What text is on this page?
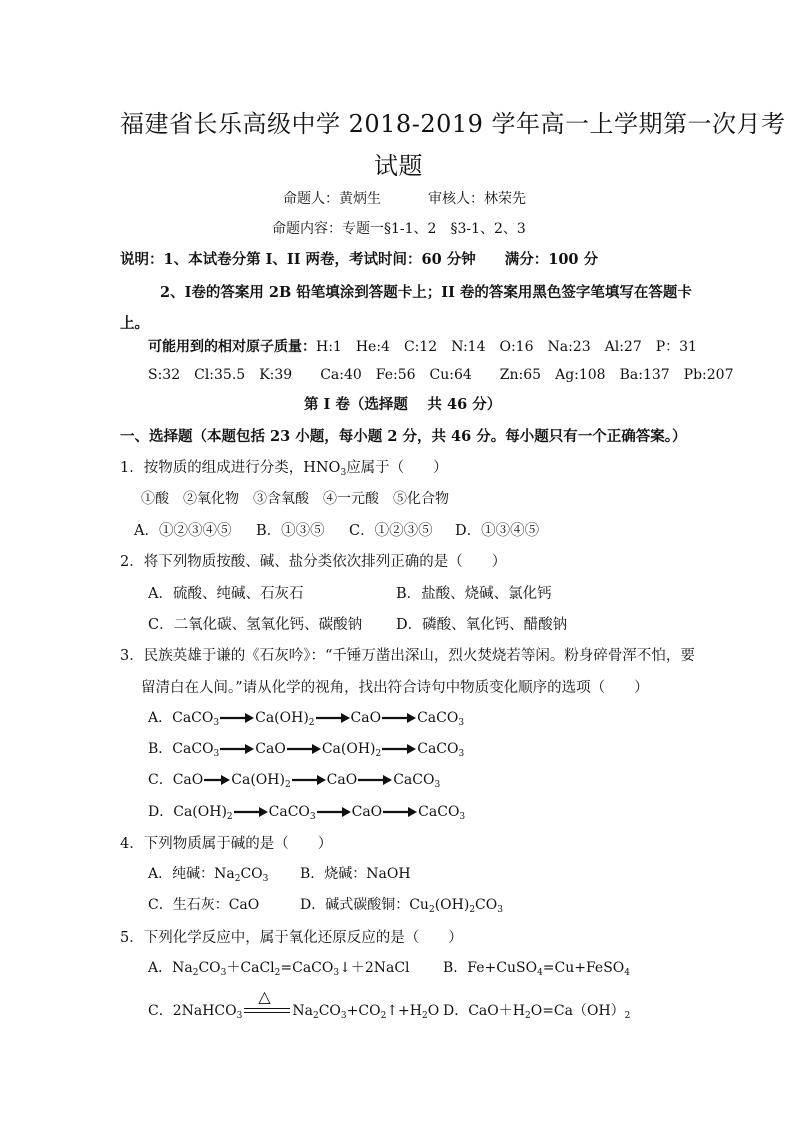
福建省长乐高级中学 2018-2019 学年高一上学期第一次月考
试题
命题人：黄炳生	审核人：林荣先
命题内容：专题一§1-1、2　§3-1、2、3
说明：1、本试卷分第 I、II 两卷，考试时间：60 分钟　　满分：100 分
2、Ⅰ卷的答案用 2B 铅笔填涂到答题卡上；II 卷的答案用黑色签字笔填写在答题卡
上。
可能用到的相对原子质量：H:1　He:4　C:12　N:14　O:16　Na:23　Al:27　P：31
S:32　Cl:35.5　K:39　　Ca:40　Fe:56　Cu:64　　Zn:65　Ag:108　Ba:137　Pb:207
第 I 卷（选择题　 共 46 分）
一、选择题（本题包括 23 小题，每小题 2 分，共 46 分。每小题只有一个正确答案。）
1．按物质的组成进行分类，$HNO_3$应属于（　　）
①酸　②氧化物　③含氧酸　④一元酸　⑤化合物
A．①②③④⑤ B．①③⑤ C．①②③⑤ D．①③④⑤
2．将下列物质按酸、碱、盐分类依次排列正确的是（　　）
A．硫酸、纯碱、石灰石	B．盐酸、烧碱、氯化钙
C．二氧化碳、氢氧化钙、碳酸钠 D．磷酸、氧化钙、醋酸钠
3．民族英雄于谦的《石灰吟》：“千锤万凿出深山，烈火焚烧若等闲。粉身碎骨浑不怕，要
留清白在人间。”请从化学的视角，找出符合诗句中物质变化顺序的选项（　　）
A．CaCO$_3$	$Ca(OH)_2$	CaO	CaCO$_3$
B．CaCO$_3$	CaO	$Ca(OH)_2$	CaCO$_3$
C．CaO $Ca(OH)_2$	CaO	CaCO$_3$
D．$Ca(OH)_2$	CaCO$_3$	CaO	CaCO$_3$
4．下列物质属于碱的是（　　）
A．纯碱：$Na_2CO_3$ B．烧碱：NaOH
C．生石灰：CaO	D．碱式碳酸铜：$Cu_2(OH)_2CO_3$
5．下列化学反应中，属于氧化还原反应的是（　　）
A．$Na_2CO_3+CaCl_2=CaCO_3↓+2NaCl$ B．Fe+CuSO$_4$=Cu+FeSO$_4$
C．2NaHCO$_3$
△
$Na_2CO_3+CO_2↑+H_2O$ D．$CaO+H_2O=Ca(OH)_2$
